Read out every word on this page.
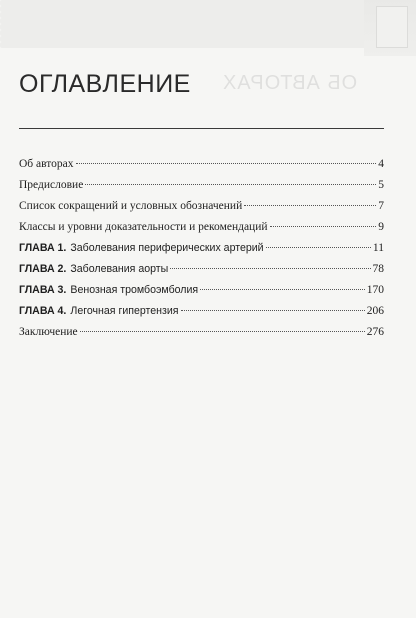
ОБ АВТОРАХ
ОГЛАВЛЕНИЕ
Об авторах	4
Предисловие	5
Список сокращений и условных обозначений	7
Классы и уровни доказательности и рекомендаций	9
ГЛАВА 1. Заболевания периферических артерий	11
ГЛАВА 2. Заболевания аорты	78
ГЛАВА 3. Венозная тромбоэмболия	170
ГЛАВА 4. Легочная гипертензия	206
Заключение	276
